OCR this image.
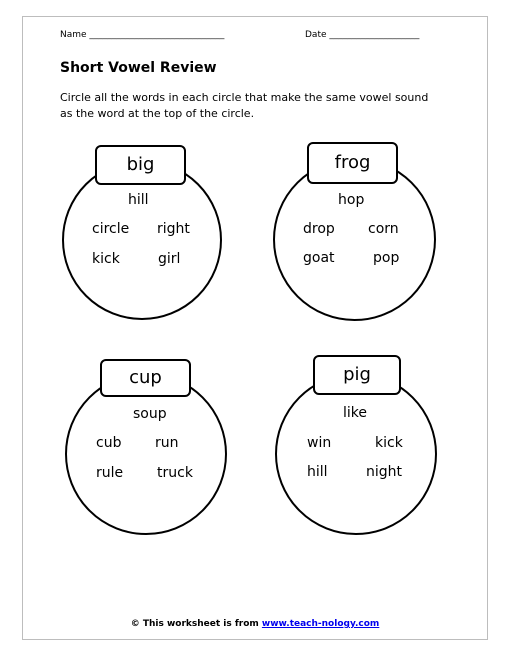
Name ______________________________	Date ____________________
Short Vowel Review
Circle all the words in each circle that make the same vowel sound as the word at the top of the circle.
big
hill
circle right
kick	girl
frog
hop
drop corn
goat	pop
cup
soup
cub run
rule truck
pig
like
win	kick
hill	night
© This worksheet is from www.teach-nology.com
